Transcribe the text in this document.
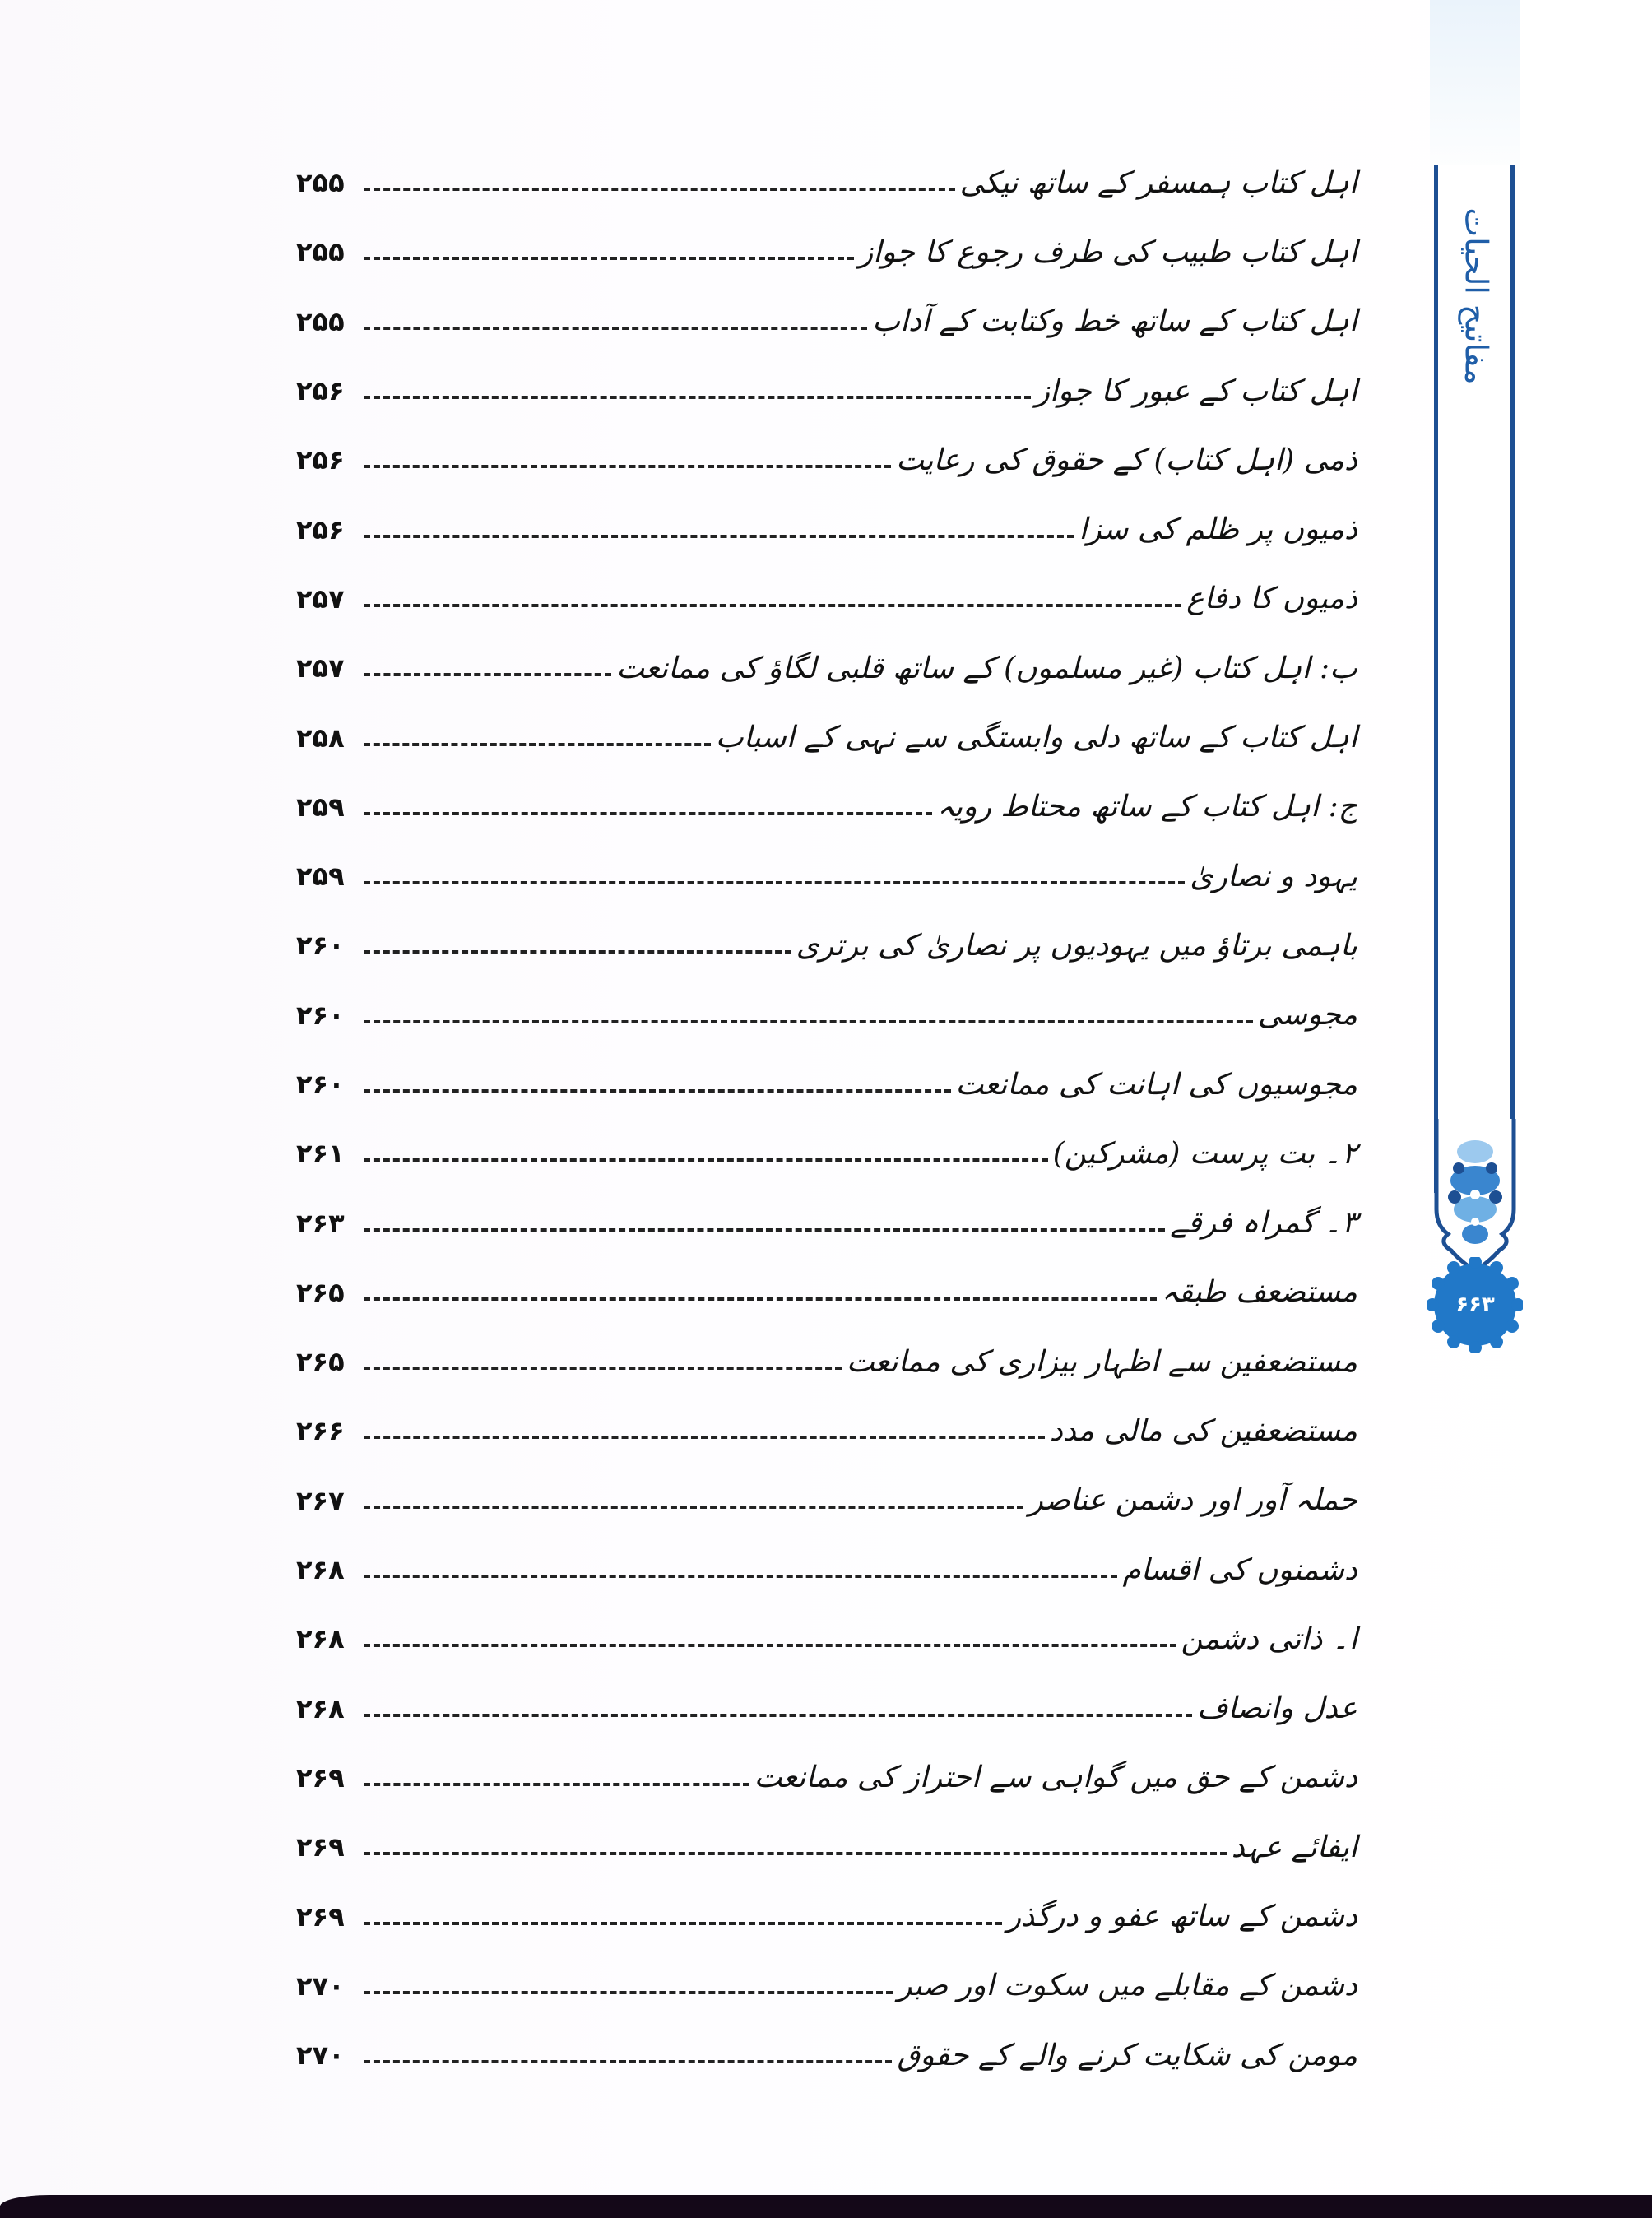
مفاتیح الحیات
۶۶۳
اہل کتاب ہمسفر کے ساتھ نیکی
۲۵۵
اہل کتاب طبیب کی طرف رجوع کا جواز
۲۵۵
اہل کتاب کے ساتھ خط وکتابت کے آداب
۲۵۵
اہل کتاب کے عبور کا جواز
۲۵۶
ذمی (اہل کتاب) کے حقوق کی رعایت
۲۵۶
ذمیوں پر ظلم کی سزا
۲۵۶
ذمیوں کا دفاع
۲۵۷
ب: اہل کتاب (غیر مسلموں) کے ساتھ قلبی لگاؤ کی ممانعت
۲۵۷
اہل کتاب کے ساتھ دلی وابستگی سے نہی کے اسباب
۲۵۸
ج: اہل کتاب کے ساتھ محتاط رویہ
۲۵۹
یہود و نصاریٰ
۲۵۹
باہمی برتاؤ میں یہودیوں پر نصاریٰ کی برتری
۲۶۰
مجوسی
۲۶۰
مجوسیوں کی اہانت کی ممانعت
۲۶۰
۲۔ بت پرست (مشرکین)
۲۶۱
۳۔ گمراہ فرقے
۲۶۳
مستضعف طبقہ
۲۶۵
مستضعفین سے اظہار بیزاری کی ممانعت
۲۶۵
مستضعفین کی مالی مدد
۲۶۶
حملہ آور اور دشمن عناصر
۲۶۷
دشمنوں کی اقسام
۲۶۸
ا۔ ذاتی دشمن
۲۶۸
عدل وانصاف
۲۶۸
دشمن کے حق میں گواہی سے احتراز کی ممانعت
۲۶۹
ایفائے عہد
۲۶۹
دشمن کے ساتھ عفو و درگذر
۲۶۹
دشمن کے مقابلے میں سکوت اور صبر
۲۷۰
مومن کی شکایت کرنے والے کے حقوق
۲۷۰
